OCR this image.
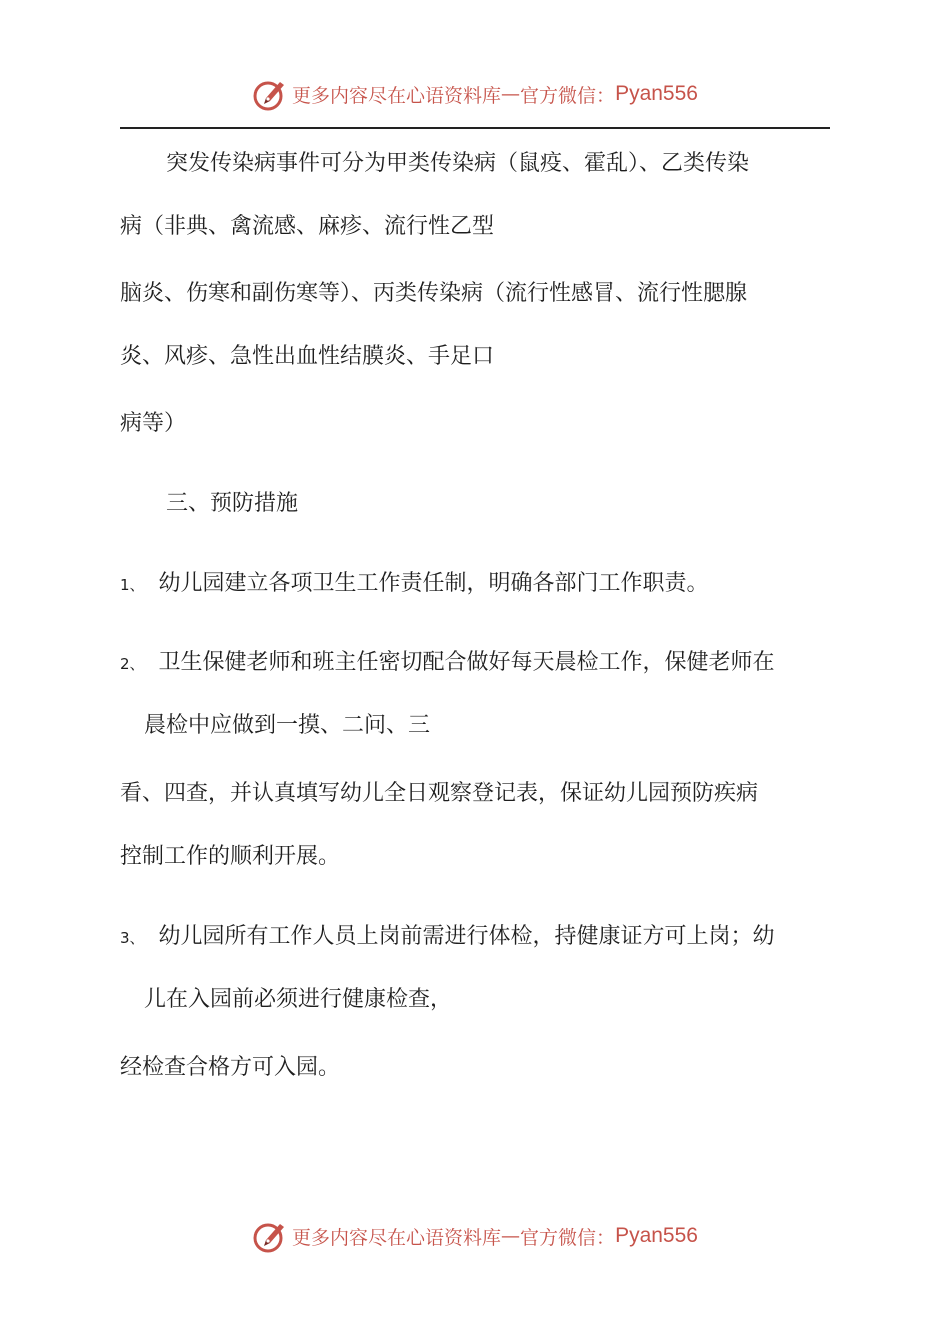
更多内容尽在心语资料库 — 官方微信： Pyan556
突发传染病事件可分为甲类传染病（鼠疫、霍乱）、乙类传染
病（非典、禽流感、麻疹、流行性乙型
脑炎、伤寒和副伤寒等）、丙类传染病（流行性感冒、流行性腮腺
炎、风疹、急性出血性结膜炎、手足口
病等）
三、预防措施
1、 幼儿园建立各项卫生工作责任制，明确各部门工作职责。
2、 卫生保健老师和班主任密切配合做好每天晨检工作，保健老师在
晨检中应做到一摸、二问、三
看、四查，并认真填写幼儿全日观察登记表，保证幼儿园预防疾病
控制工作的顺利开展。
3、 幼儿园所有工作人员上岗前需进行体检，持健康证方可上岗；幼
儿在入园前必须进行健康检查，
经检查合格方可入园。
更多内容尽在心语资料库 — 官方微信： Pyan556
